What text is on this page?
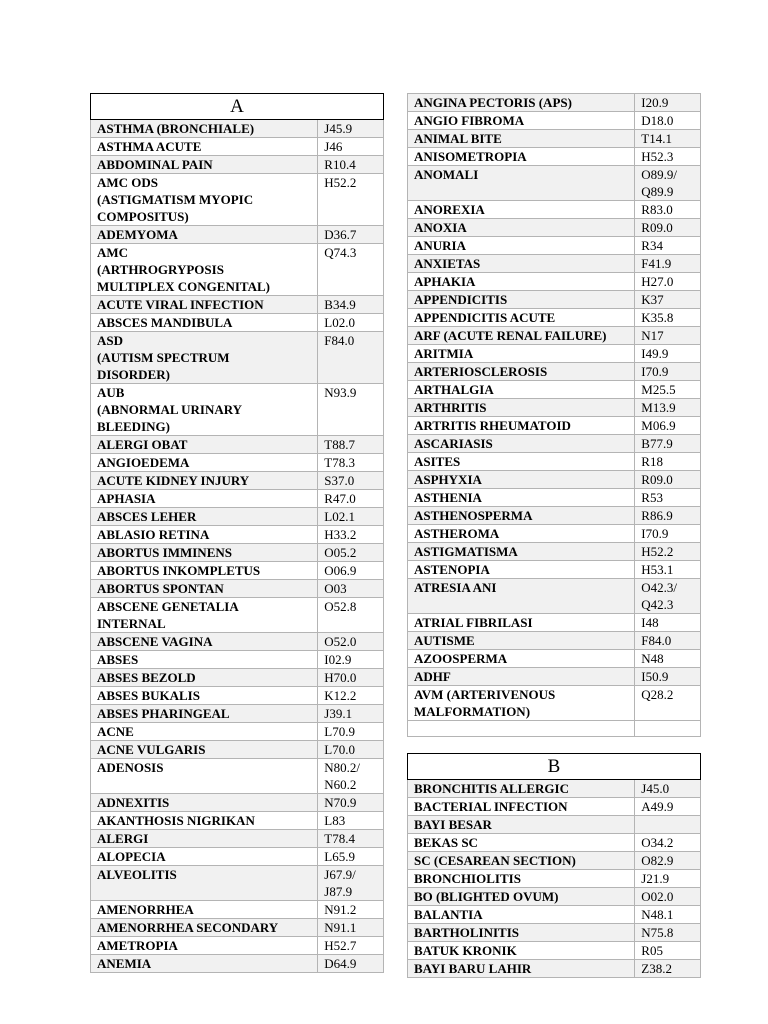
A	
ASTHMA (BRONCHIALE)	J45.9
ASTHMA ACUTE	J46
ABDOMINAL PAIN	R10.4
AMC ODS
(ASTIGMATISM MYOPIC
COMPOSITUS)	H52.2
ADEMYOMA	D36.7
AMC
(ARTHROGRYPOSIS
MULTIPLEX CONGENITAL)	Q74.3
ACUTE VIRAL INFECTION	B34.9
ABSCES MANDIBULA	L02.0
ASD
(AUTISM SPECTRUM
DISORDER)	F84.0
AUB
(ABNORMAL URINARY
BLEEDING)	N93.9
ALERGI OBAT	T88.7
ANGIOEDEMA	T78.3
ACUTE KIDNEY INJURY	S37.0
APHASIA	R47.0
ABSCES LEHER	L02.1
ABLASIO RETINA	H33.2
ABORTUS IMMINENS	O05.2
ABORTUS INKOMPLETUS	O06.9
ABORTUS SPONTAN	O03
ABSCENE GENETALIA
INTERNAL	O52.8
ABSCENE VAGINA	O52.0
ABSES	I02.9
ABSES BEZOLD	H70.0
ABSES BUKALIS	K12.2
ABSES PHARINGEAL	J39.1
ACNE	L70.9
ACNE VULGARIS	L70.0
ADENOSIS	N80.2/
N60.2
ADNEXITIS	N70.9
AKANTHOSIS NIGRIKAN	L83
ALERGI	T78.4
ALOPECIA	L65.9
ALVEOLITIS	J67.9/
J87.9
AMENORRHEA	N91.2
AMENORRHEA SECONDARY	N91.1
AMETROPIA	H52.7
ANEMIA	D64.9
ANGINA PECTORIS (APS)	I20.9
ANGIO FIBROMA	D18.0
ANIMAL BITE	T14.1
ANISOMETROPIA	H52.3
ANOMALI	O89.9/
Q89.9
ANOREXIA	R83.0
ANOXIA	R09.0
ANURIA	R34
ANXIETAS	F41.9
APHAKIA	H27.0
APPENDICITIS	K37
APPENDICITIS ACUTE	K35.8
ARF (ACUTE RENAL FAILURE)	N17
ARITMIA	I49.9
ARTERIOSCLEROSIS	I70.9
ARTHALGIA	M25.5
ARTHRITIS	M13.9
ARTRITIS RHEUMATOID	M06.9
ASCARIASIS	B77.9
ASITES	R18
ASPHYXIA	R09.0
ASTHENIA	R53
ASTHENOSPERMA	R86.9
ASTHEROMA	I70.9
ASTIGMATISMA	H52.2
ASTENOPIA	H53.1
ATRESIA ANI	O42.3/
Q42.3
ATRIAL FIBRILASI	I48
AUTISME	F84.0
AZOOSPERMA	N48
ADHF	I50.9
AVM (ARTERIVENOUS
MALFORMATION)	Q28.2

B	
BRONCHITIS ALLERGIC	J45.0
BACTERIAL INFECTION	A49.9
BAYI BESAR	
BEKAS SC	O34.2
SC (CESAREAN SECTION)	O82.9
BRONCHIOLITIS	J21.9
BO (BLIGHTED OVUM)	O02.0
BALANTIA	N48.1
BARTHOLINITIS	N75.8
BATUK KRONIK	R05
BAYI BARU LAHIR	Z38.2
